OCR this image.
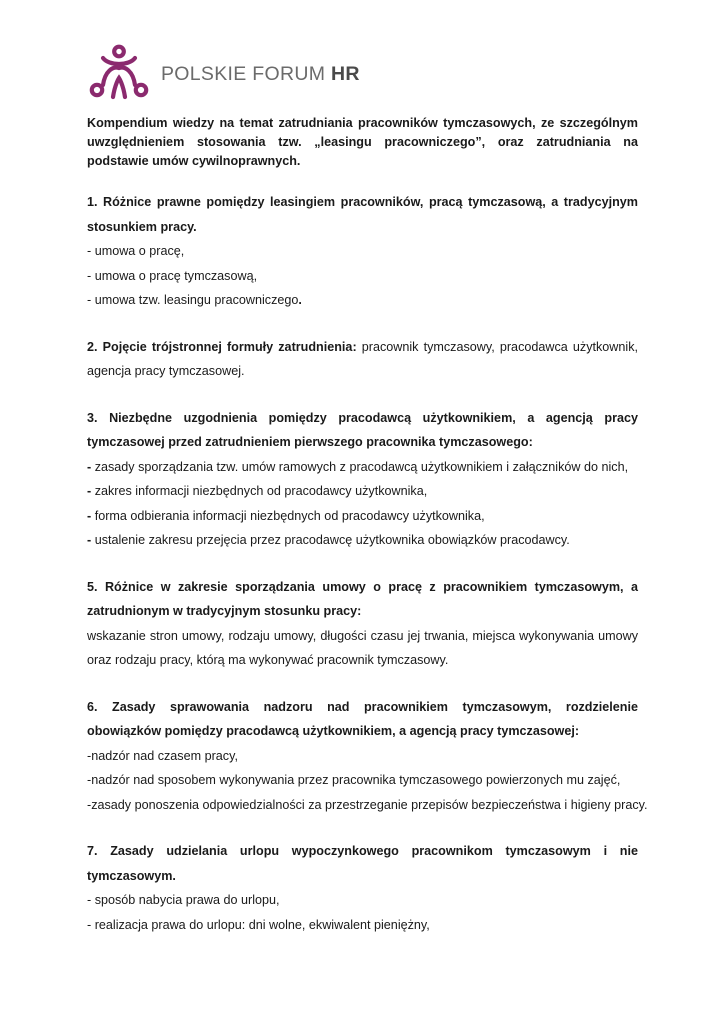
POLSKIE FORUM HR

Kompendium wiedzy na temat zatrudniania pracowników tymczasowych, ze szczególnym uwzględnieniem stosowania tzw. „leasingu pracowniczego”, oraz zatrudniania na podstawie umów cywilnoprawnych.

1. Różnice prawne pomiędzy leasingiem pracowników, pracą tymczasową, a tradycyjnym stosunkiem pracy.

- umowa o pracę,

- umowa o pracę tymczasową,

- umowa tzw. leasingu pracowniczego.

2. Pojęcie trójstronnej formuły zatrudnienia: pracownik tymczasowy, pracodawca użytkownik, agencja pracy tymczasowej.

3. Niezbędne uzgodnienia pomiędzy pracodawcą użytkownikiem, a agencją pracy tymczasowej przed zatrudnieniem pierwszego pracownika tymczasowego:

- zasady sporządzania tzw. umów ramowych z pracodawcą użytkownikiem i załączników do nich,

- zakres informacji niezbędnych od pracodawcy użytkownika,

- forma odbierania informacji niezbędnych od pracodawcy użytkownika,

- ustalenie zakresu przejęcia przez pracodawcę użytkownika obowiązków pracodawcy.

5. Różnice w zakresie sporządzania umowy o pracę z pracownikiem tymczasowym, a zatrudnionym w tradycyjnym stosunku pracy:

wskazanie stron umowy, rodzaju umowy, długości czasu jej trwania, miejsca wykonywania umowy oraz rodzaju pracy, którą ma wykonywać pracownik tymczasowy.

6. Zasady sprawowania nadzoru nad pracownikiem tymczasowym, rozdzielenie obowiązków pomiędzy pracodawcą użytkownikiem, a agencją pracy tymczasowej:

-nadzór nad czasem pracy,

-nadzór nad sposobem wykonywania przez pracownika tymczasowego powierzonych mu zajęć,

-zasady ponoszenia odpowiedzialności za przestrzeganie przepisów bezpieczeństwa i higieny pracy.

7. Zasady udzielania urlopu wypoczynkowego pracownikom tymczasowym i nie tymczasowym.

- sposób nabycia prawa do urlopu,

- realizacja prawa do urlopu: dni wolne, ekwiwalent pieniężny,
